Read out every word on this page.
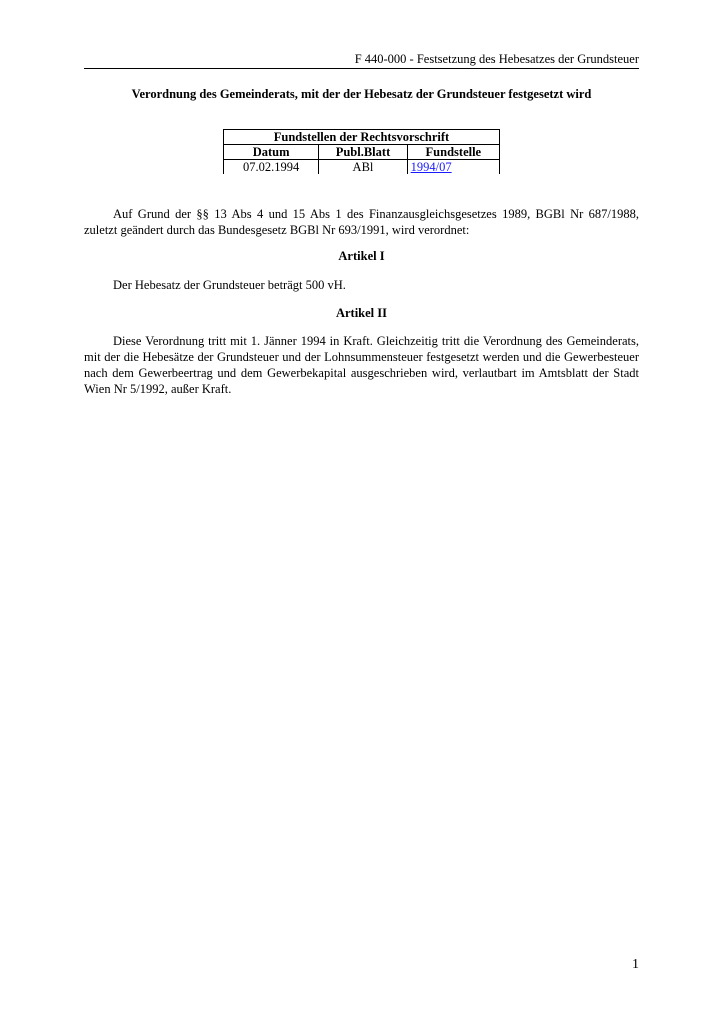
F 440-000 - Festsetzung des Hebesatzes der Grundsteuer
Verordnung des Gemeinderats, mit der der Hebesatz der Grundsteuer festgesetzt wird
Fundstellen der Rechtsvorschrift		
Datum	Publ.Blatt	Fundstelle
07.02.1994	ABl	1994/07
Auf Grund der §§ 13 Abs 4 und 15 Abs 1 des Finanzausgleichsgesetzes 1989, BGBl Nr 687/1988, zuletzt geändert durch das Bundesgesetz BGBl Nr 693/1991, wird verordnet:
Artikel I
Der Hebesatz der Grundsteuer beträgt 500 vH.
Artikel II
Diese Verordnung tritt mit 1. Jänner 1994 in Kraft. Gleichzeitig tritt die Verordnung des Gemeinderats, mit der die Hebesätze der Grundsteuer und der Lohnsummensteuer festgesetzt werden und die Gewerbesteuer nach dem Gewerbeertrag und dem Gewerbekapital ausgeschrieben wird, verlautbart im Amtsblatt der Stadt Wien Nr 5/1992, außer Kraft.
1
